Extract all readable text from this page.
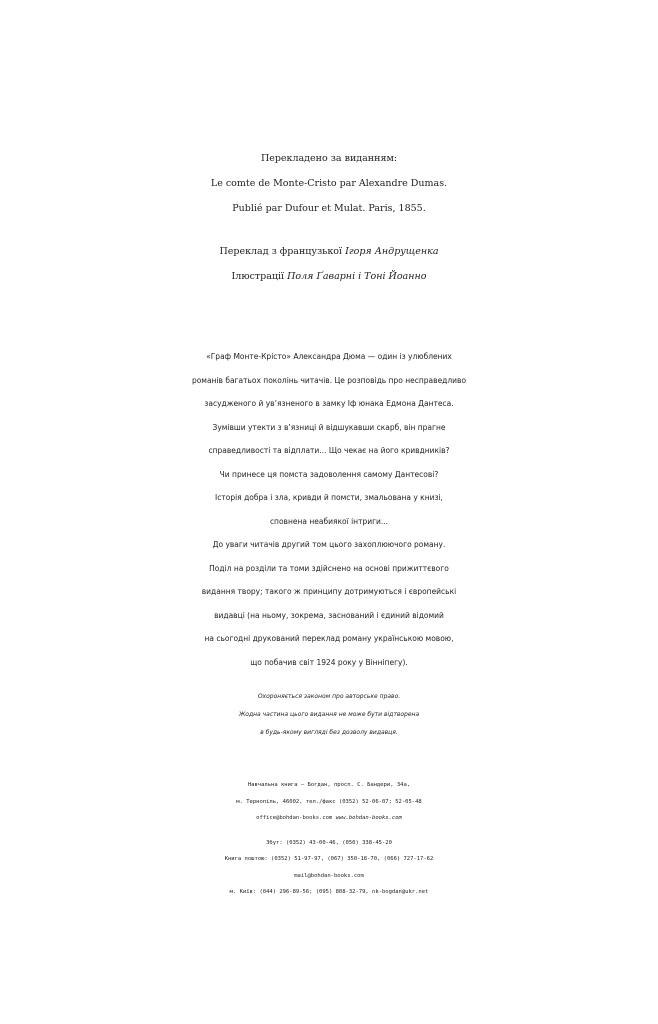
Перекладено за виданням:
Le comte de Monte-Cristo par Alexandre Dumas.
Publié par Dufour et Mulat. Paris, 1855.
Переклад з французької Ігоря Андрущенка
Ілюстрації Поля Ґаварні і Тоні Йоанно
«Граф Монте-Крісто» Александра Дюма — один із улюблених
романів багатьох поколінь читачів. Це розповідь про несправедливо
засудженого й ув’язненого в замку Іф юнака Едмона Дантеса.
Зумівши утекти з в’язниці й відшукавши скарб, він прагне
справедливості та відплати... Що чекає на його кривдників?
Чи принесе ця помста задоволення самому Дантесові?
Історія добра і зла, кривди й помсти, змальована у книзі,
сповнена неабиякої інтриги...
До уваги читачів другий том цього захоплюючого роману.
Поділ на розділи та томи здійснено на основі прижиттєвого
видання твору; такого ж принципу дотримуються і європейські
видавці (на ньому, зокрема, заснований і єдиний відомий
на сьогодні друкований переклад роману українською мовою,
що побачив світ 1924 року у Вінніпегу).
Охороняється законом про авторське право.
Жодна частина цього видання не може бути відтворена
в будь-якому вигляді без дозволу видавця.
Навчальна книга — Богдан, просп. С. Бандери, 34а,
м. Тернопіль, 46002, тел./факс (0352) 52-06-07; 52-05-48
office@bohdan-books.com www.bohdan-books.com
Збут: (0352) 43-00-46, (050) 338-45-20
Книга поштою: (0352) 51-97-97, (067) 350-18-70, (066) 727-17-62
mail@bohdan-books.com
м. Київ: (044) 296-89-56; (095) 808-32-79, nk-bogdan@ukr.net
